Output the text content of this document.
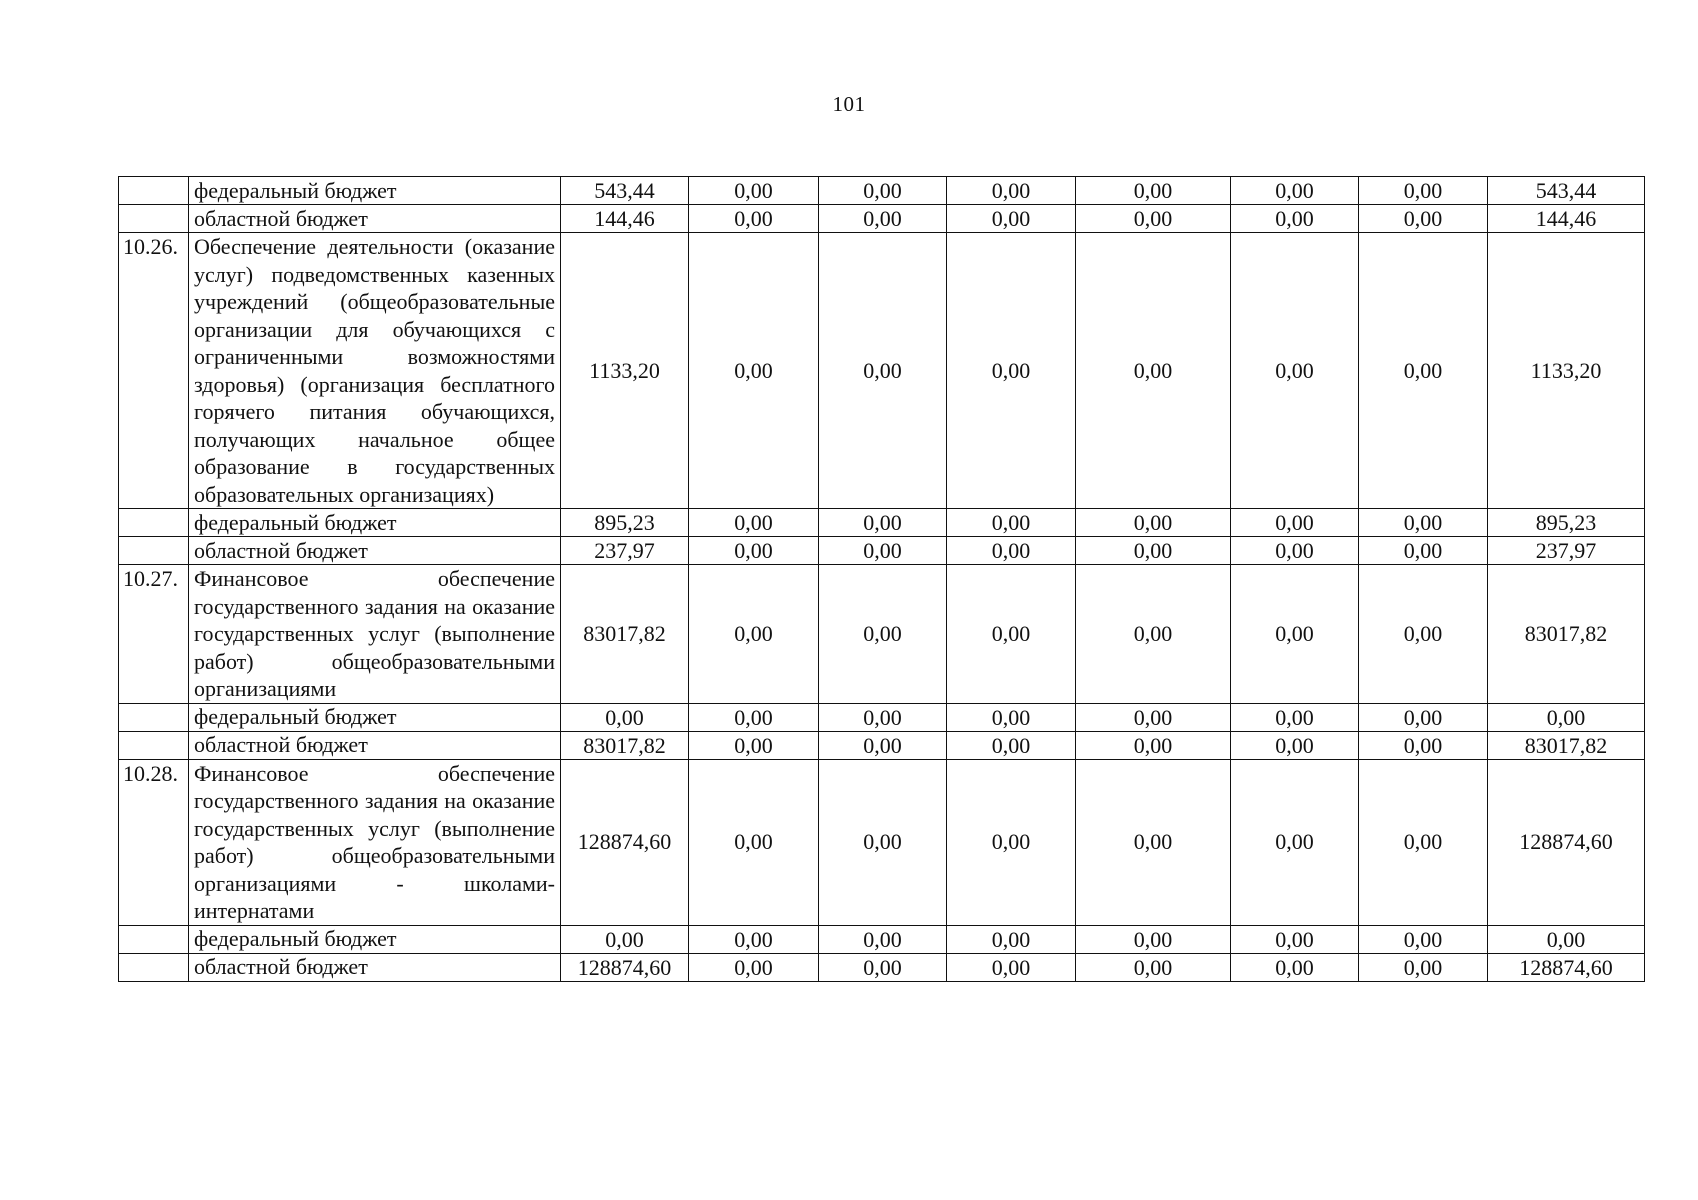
101
	федеральный бюджет	543,44	0,00	0,00	0,00	0,00	0,00	0,00	543,44
	областной бюджет	144,46	0,00	0,00	0,00	0,00	0,00	0,00	144,46
10.26.	Обеспечение деятельности (оказание услуг) подведомственных казенных учреждений (общеобразовательные организации для обучающихся с ограниченными возможностями здоровья) (организация бесплатного горячего питания обучающихся, получающих начальное общее образование в государственных образовательных организациях)	1133,20	0,00	0,00	0,00	0,00	0,00	0,00	1133,20
	федеральный бюджет	895,23	0,00	0,00	0,00	0,00	0,00	0,00	895,23
	областной бюджет	237,97	0,00	0,00	0,00	0,00	0,00	0,00	237,97
10.27.	Финансовое обеспечение государственного задания на оказание государственных услуг (выполнение работ) общеобразовательными организациями	83017,82	0,00	0,00	0,00	0,00	0,00	0,00	83017,82
	федеральный бюджет	0,00	0,00	0,00	0,00	0,00	0,00	0,00	0,00
	областной бюджет	83017,82	0,00	0,00	0,00	0,00	0,00	0,00	83017,82
10.28.	Финансовое обеспечение государственного задания на оказание государственных услуг (выполнение работ) общеобразовательными организациями - школами-интернатами	128874,60	0,00	0,00	0,00	0,00	0,00	0,00	128874,60
	федеральный бюджет	0,00	0,00	0,00	0,00	0,00	0,00	0,00	0,00
	областной бюджет	128874,60	0,00	0,00	0,00	0,00	0,00	0,00	128874,60
